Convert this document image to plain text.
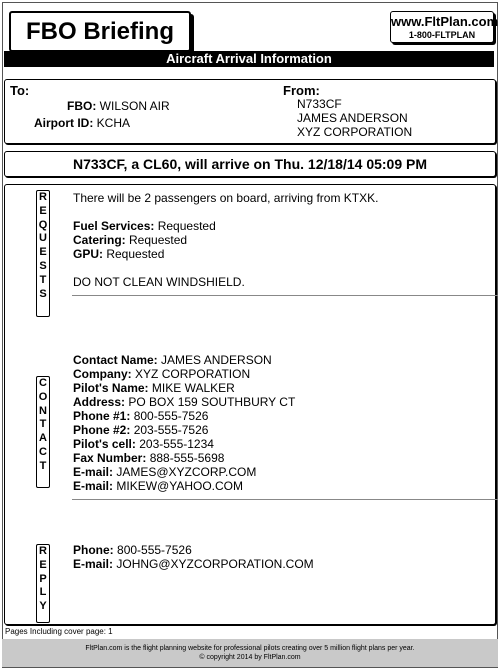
FBO Briefing	www.FltPlan.com
1-800-FLTPLAN
Aircraft Arrival Information
To:
FBO: WILSON AIR
Airport ID: KCHA
From:
N733CF
JAMES ANDERSON
XYZ CORPORATION
N733CF, a CL60, will arrive on Thu. 12/18/14 05:09 PM
R
E
Q
U
E
S
T
S
There will be 2 passengers on board, arriving from KTXK.
Fuel Services: Requested
Catering: Requested
GPU: Requested
DO NOT CLEAN WINDSHIELD.
C
O
N
T
A
C
T
Contact Name: JAMES ANDERSON
Company: XYZ CORPORATION
Pilot's Name: MIKE WALKER
Address: PO BOX 159 SOUTHBURY CT
Phone #1: 800-555-7526
Phone #2: 203-555-7526
Pilot's cell: 203-555-1234
Fax Number: 888-555-5698
E-mail: JAMES@XYZCORP.COM
E-mail: MIKEW@YAHOO.COM
R
E
P
L
Y
Phone: 800-555-7526
E-mail: JOHNG@XYZCORPORATION.COM
Pages Including cover page: 1
FltPlan.com is the flight planning website for professional pilots creating over 5 million flight plans per year.
© copyright 2014 by FltPlan.com
